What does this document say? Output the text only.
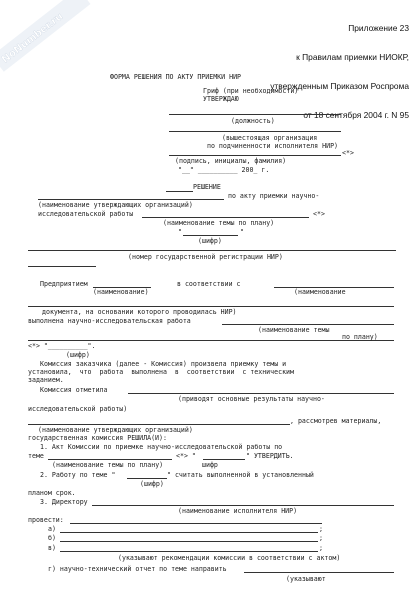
NoNumber.ru

	Приложение 23

к Правилам приемки НИОКР,

утвержденным Приказом Роспрома

от 18 сентября 2004 г. N 95

ФОРМА РЕШЕНИЯ ПО АКТУ ПРИЕМКИ НИР
Гриф (при необходимости)
УТВЕРЖДАЮ
(должность)
(вышестоящая организация
по подчиненности исполнителя НИР)
<*>
(подпись, инициалы, фамилия)
"__" __________ 200_ г.
РЕШЕНИЕ
по акту приемки научно-
(наименование утверждающих организаций)
исследовательской работы	<*>
(наименование темы по плану)
"	"
(шифр)
(номер государственной регистрации НИР)
Предприятием	в соответствии с
(наименование)	(наименование
документа, на основании которого проводилась НИР)
выполнена научно-исследовательская работа
(наименование темы
по плану)
<*> "__________".
(шифр)
Комиссия заказчика (далее - Комиссия) произвела приемку темы и
установила,  что  работа  выполнена  в  соответствии  с техническим
заданием.
Комиссия отметила
(приводят основные результаты научно-
исследовательской работы)
, рассмотрев материалы,
(наименование утверждающих организаций)
государственная комиссия РЕШИЛА(И):
1. Акт Комиссии по приемке научно-исследовательской работы по
теме	<*> "	" УТВЕРДИТЬ.
(наименование темы по плану)	шифр
2. Работу по теме "	" считать выполненной в установленный
(шифр)
планом срок.
3. Директору
(наименование исполнителя НИР)
провести:
а)	;
б)	;
в)	;
(указывают рекомендации комиссии в соответствии с актом)
г) научно-технический отчет по теме направить
(указывают
